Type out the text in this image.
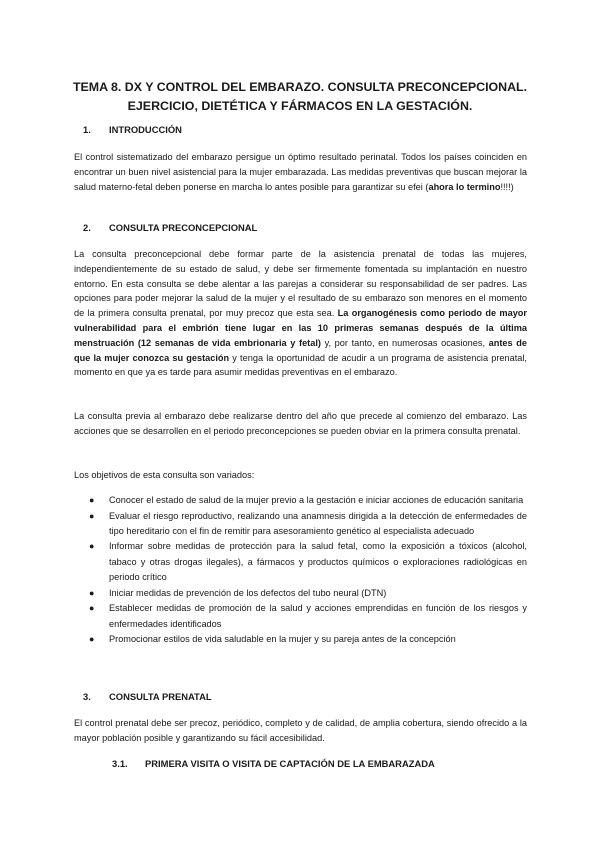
TEMA 8. DX Y CONTROL DEL EMBARAZO. CONSULTA PRECONCEPCIONAL.
EJERCICIO, DIETÉTICA Y FÁRMACOS EN LA GESTACIÓN.

1. INTRODUCCIÓN

El control sistematizado del embarazo persigue un óptimo resultado perinatal. Todos los países coinciden en encontrar un buen nivel asistencial para la mujer embarazada. Las medidas preventivas que buscan mejorar la salud materno-fetal deben ponerse en marcha lo antes posible para garantizar su efei (ahora lo termino!!!!)

2. CONSULTA PRECONCEPCIONAL

La consulta preconcepcional debe formar parte de la asistencia prenatal de todas las mujeres, independientemente de su estado de salud, y debe ser firmemente fomentada su implantación en nuestro entorno. En esta consulta se debe alentar a las parejas a considerar su responsabilidad de ser padres. Las opciones para poder mejorar la salud de la mujer y el resultado de su embarazo son menores en el momento de la primera consulta prenatal, por muy precoz que esta sea. La organogénesis como periodo de mayor vulnerabilidad para el embrión tiene lugar en las 10 primeras semanas después de la última menstruación (12 semanas de vida embrionaria y fetal) y, por tanto, en numerosas ocasiones, antes de que la mujer conozca su gestación y tenga la oportunidad de acudir a un programa de asistencia prenatal, momento en que ya es tarde para asumir medidas preventivas en el embarazo.

La consulta previa al embarazo debe realizarse dentro del año que precede al comienzo del embarazo. Las acciones que se desarrollen en el periodo preconcepciones se pueden obviar en la primera consulta prenatal.

Los objetivos de esta consulta son variados:

● Conocer el estado de salud de la mujer previo a la gestación e iniciar acciones de educación sanitaria
● Evaluar el riesgo reproductivo, realizando una anamnesis dirigida a la detección de enfermedades de tipo hereditario con el fin de remitir para asesoramiento genético al especialista adecuado
● Informar sobre medidas de protección para la salud fetal, como la exposición a tóxicos (alcohol, tabaco y otras drogas ilegales), a fármacos y productos químicos o exploraciones radiológicas en periodo crítico
● Iniciar medidas de prevención de los defectos del tubo neural (DTN)
● Establecer medidas de promoción de la salud y acciones emprendidas en función de los riesgos y enfermedades identificados
● Promocionar estilos de vida saludable en la mujer y su pareja antes de la concepción
3. CONSULTA PRENATAL

El control prenatal debe ser precoz, periódico, completo y de calidad, de amplia cobertura, siendo ofrecido a la mayor población posible y garantizando su fácil accesibilidad.

3.1. PRIMERA VISITA O VISITA DE CAPTACIÓN DE LA EMBARAZADA
